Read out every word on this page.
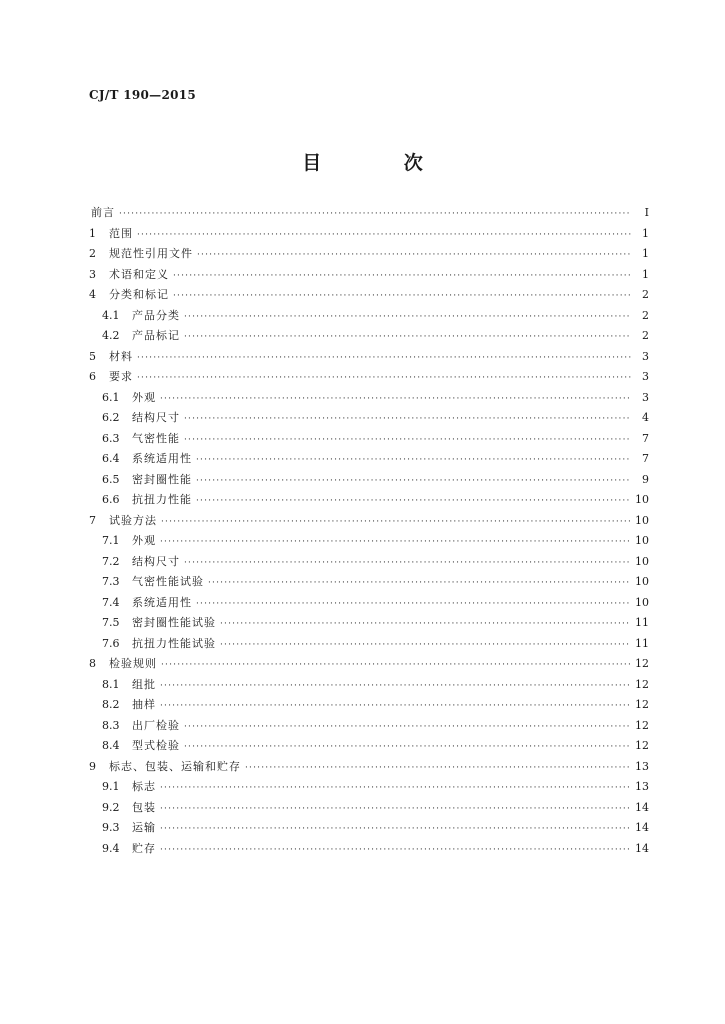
CJ/T 190—2015
目 次
前言 ·····	Ⅰ
1	范围 ·····	1
2	规范性引用文件 ·····	1
3	术语和定义 ·····	1
4	分类和标记 ·····	2
4.1	产品分类 ·····	2
4.2	产品标记 ·····	2
5	材料 ·····	3
6	要求 ·····	3
6.1	外观 ·····	3
6.2	结构尺寸 ·····	4
6.3	气密性能 ·····	7
6.4	系统适用性 ·····	7
6.5	密封圈性能 ·····	9
6.6	抗扭力性能 ·····	10
7	试验方法 ·····	10
7.1	外观 ·····	10
7.2	结构尺寸 ·····	10
7.3	气密性能试验 ·····	10
7.4	系统适用性 ·····	10
7.5	密封圈性能试验 ·····	11
7.6	抗扭力性能试验 ·····	11
8	检验规则 ·····	12
8.1	组批 ·····	12
8.2	抽样 ·····	12
8.3	出厂检验 ·····	12
8.4	型式检验 ·····	12
9	标志、包装、运输和贮存 ·····	13
9.1	标志 ·····	13
9.2	包装 ·····	14
9.3	运输 ·····	14
9.4	贮存 ·····	14
